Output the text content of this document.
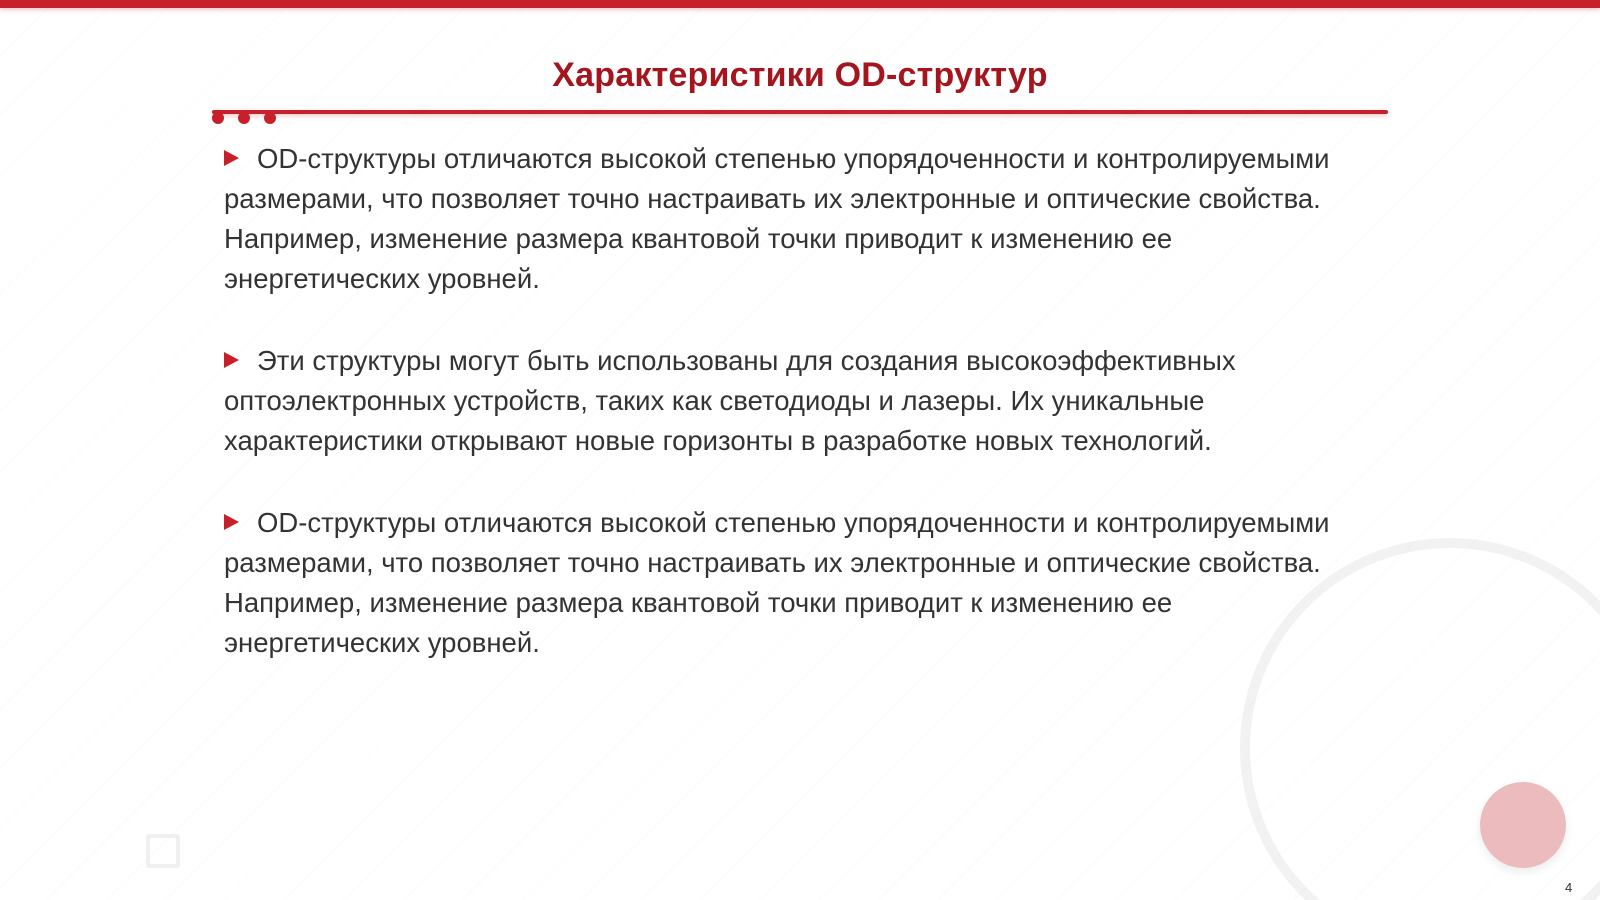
Характеристики OD-структур

OD-структуры отличаются высокой степенью упорядоченности и контролируемыми размерами, что позволяет точно настраивать их электронные и оптические свойства. Например, изменение размера квантовой точки приводит к изменению ее энергетических уровней.

Эти структуры могут быть использованы для создания высокоэффективных оптоэлектронных устройств, таких как светодиоды и лазеры. Их уникальные характеристики открывают новые горизонты в разработке новых технологий.

OD-структуры отличаются высокой степенью упорядоченности и контролируемыми размерами, что позволяет точно настраивать их электронные и оптические свойства. Например, изменение размера квантовой точки приводит к изменению ее энергетических уровней.

4
